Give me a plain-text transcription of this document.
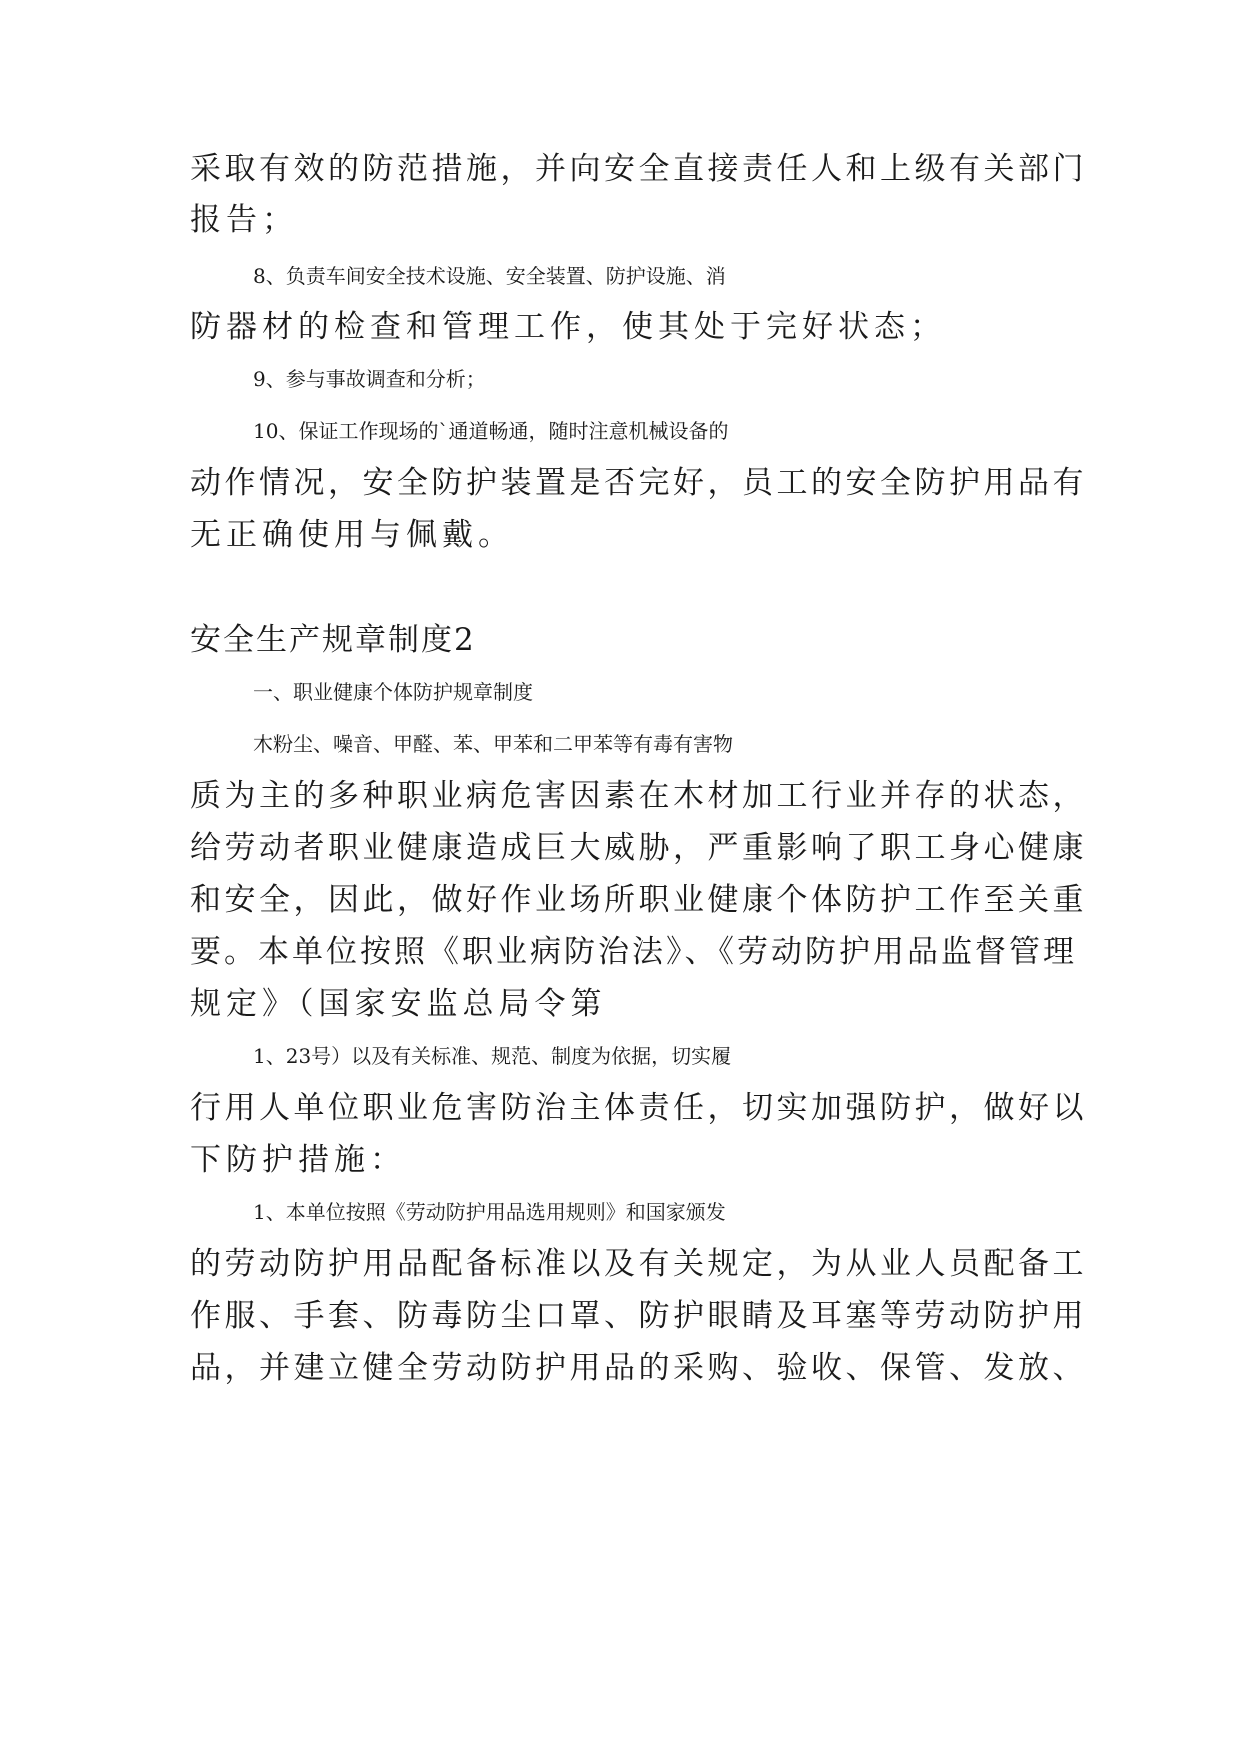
采取有效的防范措施，并向安全直接责任人和上级有关部门
报告；
8、负责车间安全技术设施、安全装置、防护设施、消
防器材的检查和管理工作，使其处于完好状态；
9、参与事故调查和分析；
10、保证工作现场的`通道畅通，随时注意机械设备的
动作情况，安全防护装置是否完好，员工的安全防护用品有
无正确使用与佩戴。
安全生产规章制度2
一、职业健康个体防护规章制度
木粉尘、噪音、甲醛、苯、甲苯和二甲苯等有毒有害物
质为主的多种职业病危害因素在木材加工行业并存的状态，
给劳动者职业健康造成巨大威胁，严重影响了职工身心健康
和安全，因此，做好作业场所职业健康个体防护工作至关重
要。本单位按照《职业病防治法》、《劳动防护用品监督管理
规定》（国家安监总局令第
1、23号）以及有关标准、规范、制度为依据，切实履
行用人单位职业危害防治主体责任，切实加强防护，做好以
下防护措施：
1、本单位按照《劳动防护用品选用规则》和国家颁发
的劳动防护用品配备标准以及有关规定，为从业人员配备工
作服、手套、防毒防尘口罩、防护眼睛及耳塞等劳动防护用
品，并建立健全劳动防护用品的采购、验收、保管、发放、
